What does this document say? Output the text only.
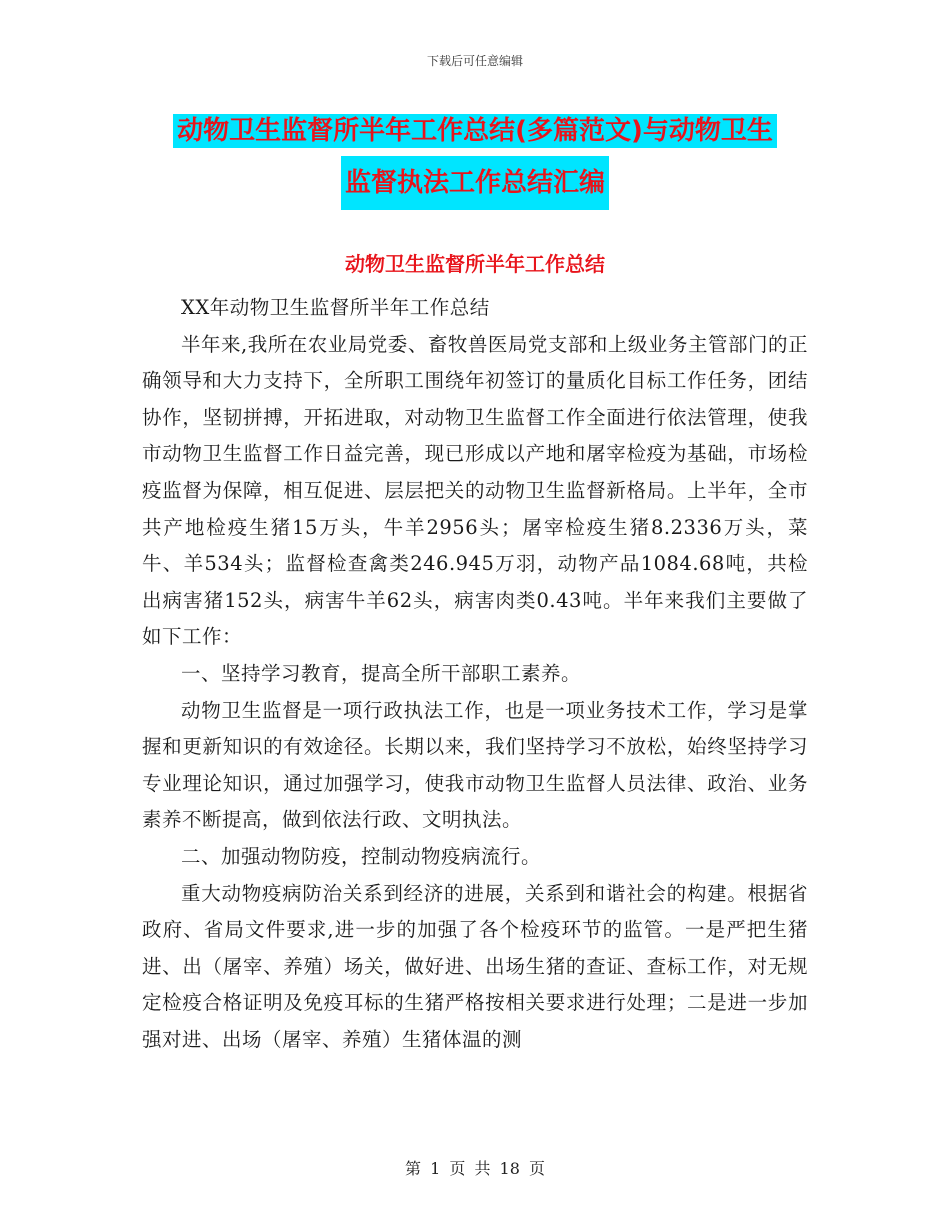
下载后可任意编辑
动物卫生监督所半年工作总结(多篇范文)与动物卫生
监督执法工作总结汇编
动物卫生监督所半年工作总结

XX年动物卫生监督所半年工作总结

半年来,我所在农业局党委、畜牧兽医局党支部和上级业务主管部门的正确领导和大力支持下，全所职工围绕年初签订的量质化目标工作任务，团结协作，坚韧拼搏，开拓进取，对动物卫生监督工作全面进行依法管理，使我市动物卫生监督工作日益完善，现已形成以产地和屠宰检疫为基础，市场检疫监督为保障，相互促进、层层把关的动物卫生监督新格局。上半年，全市共产地检疫生猪15万头，牛羊2956头；屠宰检疫生猪8.2336万头，菜牛、羊534头；监督检查禽类246.945万羽，动物产品1084.68吨，共检出病害猪152头，病害牛羊62头，病害肉类0.43吨。半年来我们主要做了如下工作：

一、坚持学习教育，提高全所干部职工素养。

动物卫生监督是一项行政执法工作，也是一项业务技术工作，学习是掌握和更新知识的有效途径。长期以来，我们坚持学习不放松，始终坚持学习专业理论知识，通过加强学习，使我市动物卫生监督人员法律、政治、业务素养不断提高，做到依法行政、文明执法。

二、加强动物防疫，控制动物疫病流行。

重大动物疫病防治关系到经济的进展，关系到和谐社会的构建。根据省政府、省局文件要求,进一步的加强了各个检疫环节的监管。一是严把生猪进、出（屠宰、养殖）场关，做好进、出场生猪的查证、查标工作，对无规定检疫合格证明及免疫耳标的生猪严格按相关要求进行处理；二是进一步加强对进、出场（屠宰、养殖）生猪体温的测

第 1 页 共 18 页
